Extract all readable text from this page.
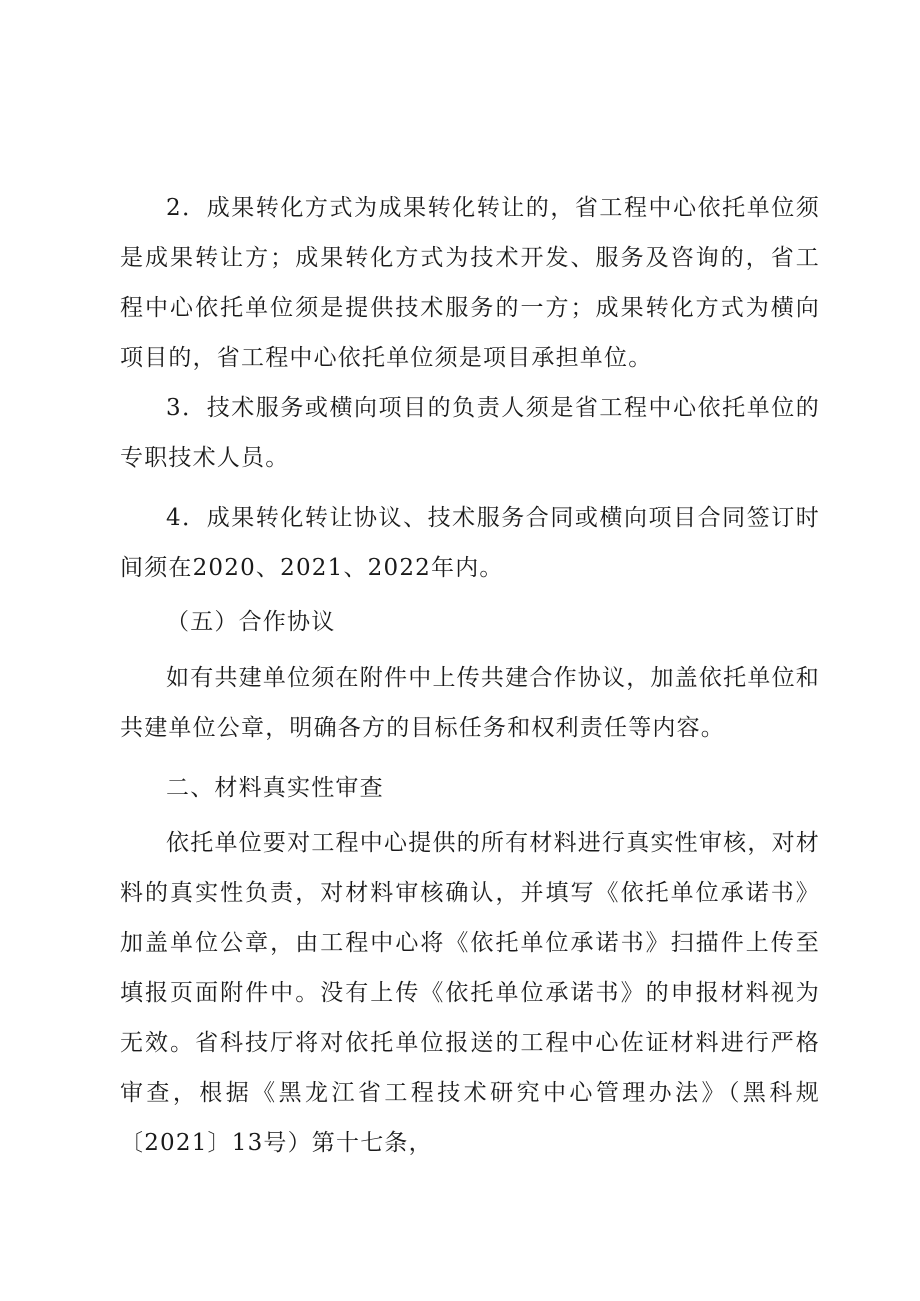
2．成果转化方式为成果转化转让的，省工程中心依托单位须是成果转让方；成果转化方式为技术开发、服务及咨询的，省工程中心依托单位须是提供技术服务的一方；成果转化方式为横向项目的，省工程中心依托单位须是项目承担单位。

3．技术服务或横向项目的负责人须是省工程中心依托单位的专职技术人员。

4．成果转化转让协议、技术服务合同或横向项目合同签订时间须在2020、2021、2022年内。

（五）合作协议

如有共建单位须在附件中上传共建合作协议，加盖依托单位和共建单位公章，明确各方的目标任务和权利责任等内容。

二、材料真实性审查

依托单位要对工程中心提供的所有材料进行真实性审核，对材料的真实性负责，对材料审核确认，并填写《依托单位承诺书》加盖单位公章，由工程中心将《依托单位承诺书》扫描件上传至填报页面附件中。没有上传《依托单位承诺书》的申报材料视为无效。省科技厅将对依托单位报送的工程中心佐证材料进行严格审查，根据《黑龙江省工程技术研究中心管理办法》（黑科规〔2021〕13号）第十七条，
